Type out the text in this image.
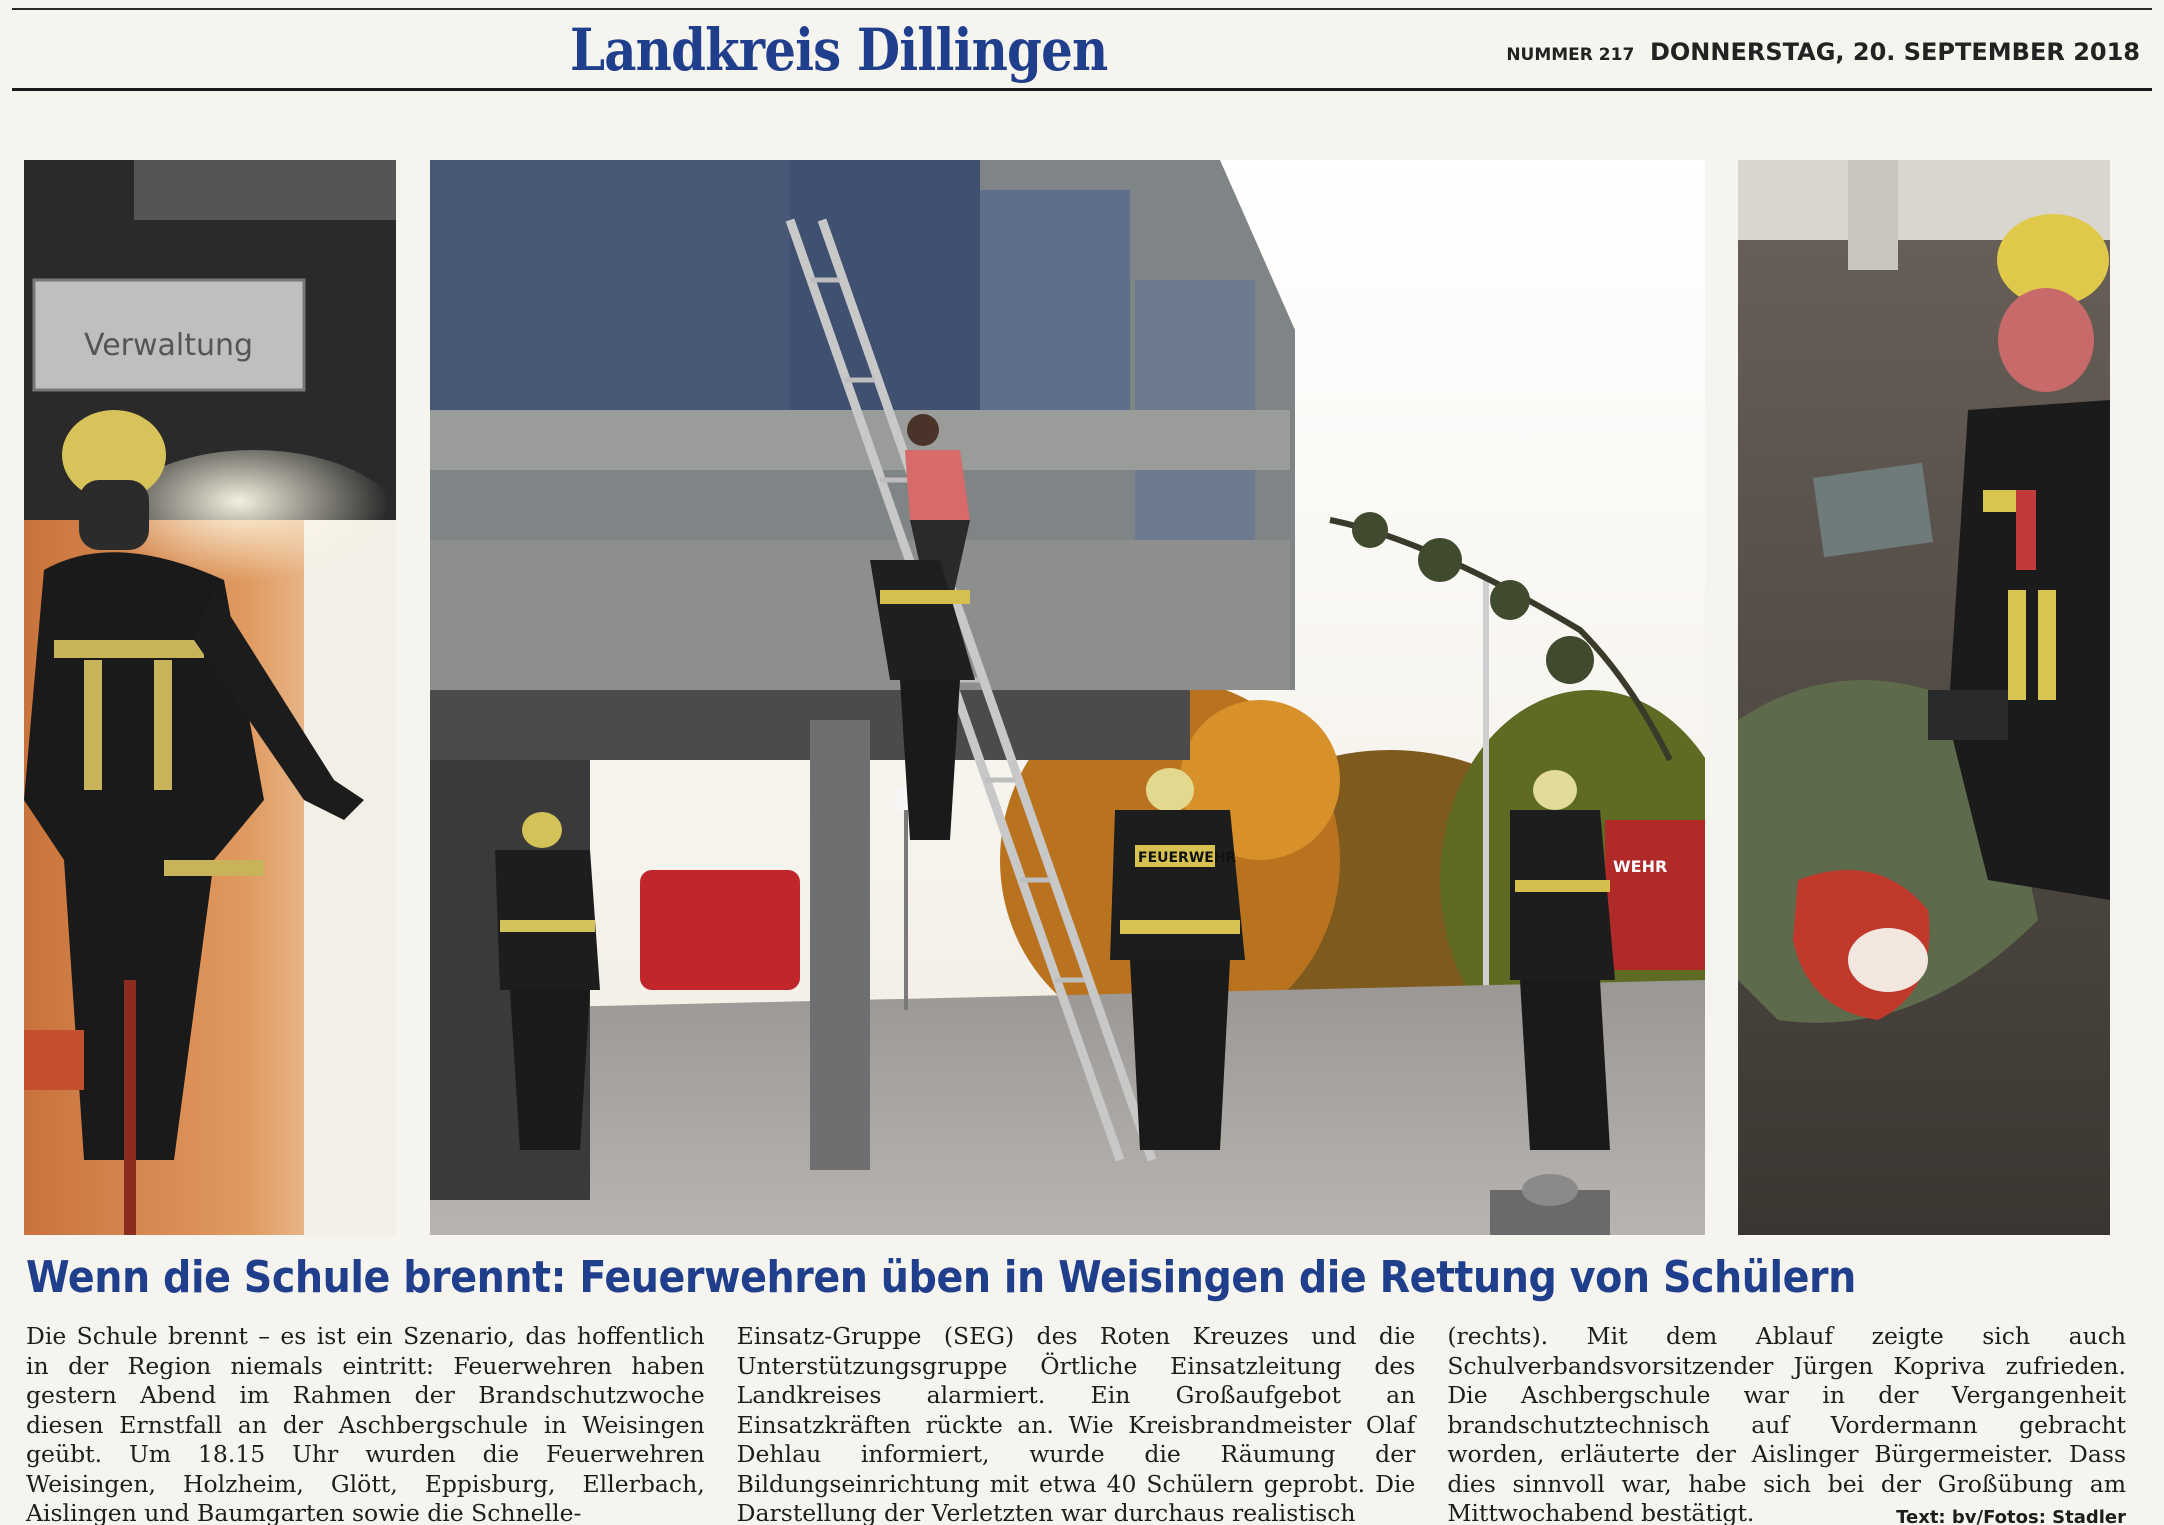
Landkreis Dillingen	NUMMER 217 DONNERSTAG, 20. SEPTEMBER 2018
Verwaltung
WEHR
FEUERWEHR
Wenn die Schule brennt: Feuerwehren üben in Weisingen die Rettung von Schülern
Die Schule brennt – es ist ein Szenario, das hoffentlich in der Region niemals eintritt: Feuerwehren haben gestern Abend im Rahmen der Brandschutzwoche diesen Ernstfall an der Aschbergschule in Weisingen geübt. Um 18.15 Uhr wurden die Feuerwehren Weisingen, Holzheim, Glött, Eppisburg, Ellerbach, Aislingen und Baumgarten sowie die Schnelle-
Einsatz-Gruppe (SEG) des Roten Kreuzes und die Unterstützungsgruppe Örtliche Einsatzleitung des Landkreises alarmiert. Ein Großaufgebot an Einsatzkräften rückte an. Wie Kreisbrandmeister Olaf Dehlau informiert, wurde die Räumung der Bildungseinrichtung mit etwa 40 Schülern geprobt. Die Darstellung der Verletzten war durchaus realistisch
(rechts). Mit dem Ablauf zeigte sich auch Schulverbandsvorsitzender Jürgen Kopriva zufrieden. Die Aschbergschule war in der Vergangenheit brandschutztechnisch auf Vordermann gebracht worden, erläuterte der Aislinger Bürgermeister. Dass dies sinnvoll war, habe sich bei der Großübung am Mittwochabend bestätigt.	Text: bv/Fotos: Stadler
